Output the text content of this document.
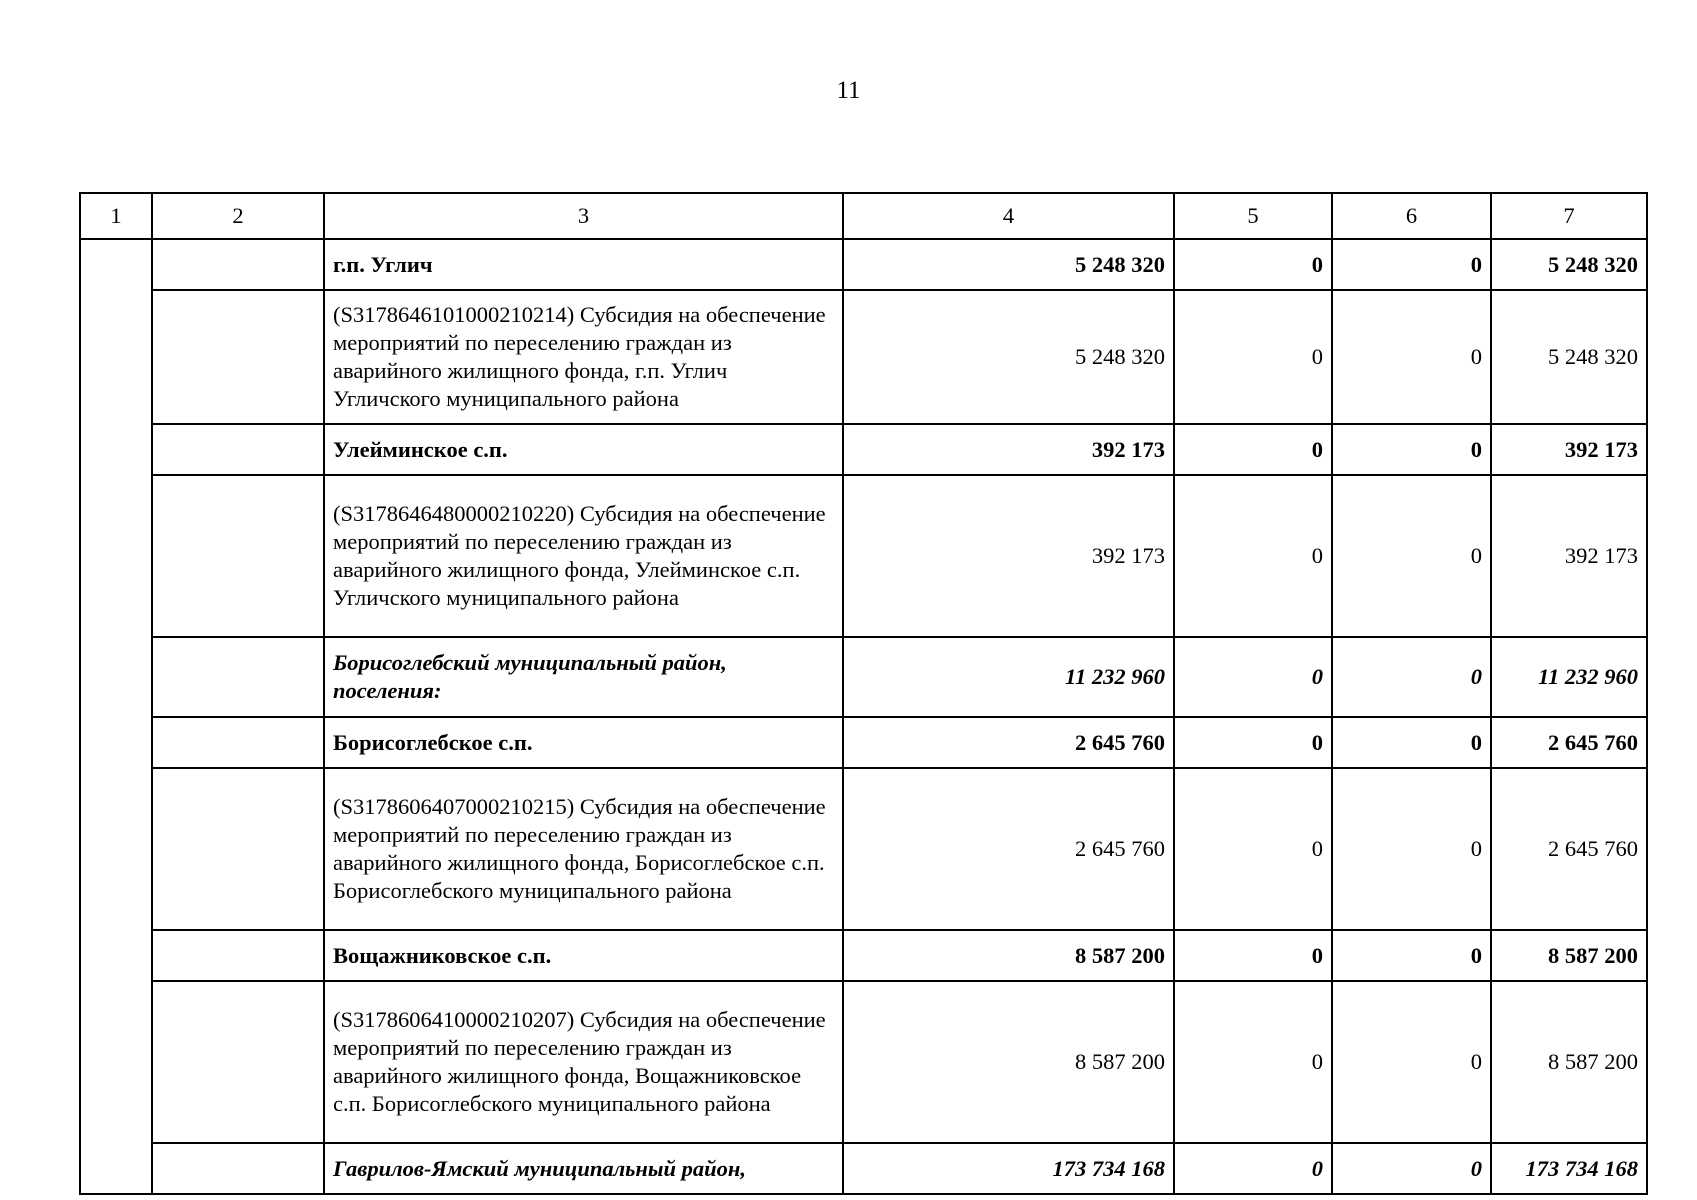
11
1	2	3	4	5	6	7
		г.п. Углич	5 248 320	0	0	5 248 320
		(S3178646101000210214) Субсидия на обеспечение мероприятий по переселению граждан из аварийного жилищного фонда, г.п. Углич Угличского муниципального района	5 248 320	0	0	5 248 320
		Улейминское с.п.	392 173	0	0	392 173
		(S3178646480000210220) Субсидия на обеспечение мероприятий по переселению граждан из аварийного жилищного фонда, Улейминское с.п. Угличского муниципального района	392 173	0	0	392 173
		Борисоглебский муниципальный район, поселения:	11 232 960	0	0	11 232 960
		Борисоглебское с.п.	2 645 760	0	0	2 645 760
		(S3178606407000210215) Субсидия на обеспечение мероприятий по переселению граждан из аварийного жилищного фонда, Борисоглебское с.п. Борисоглебского муниципального района	2 645 760	0	0	2 645 760
		Вощажниковское с.п.	8 587 200	0	0	8 587 200
		(S3178606410000210207) Субсидия на обеспечение мероприятий по переселению граждан из аварийного жилищного фонда, Вощажниковское с.п. Борисоглебского муниципального района	8 587 200	0	0	8 587 200
		Гаврилов-Ямский муниципальный район,	173 734 168	0	0	173 734 168
